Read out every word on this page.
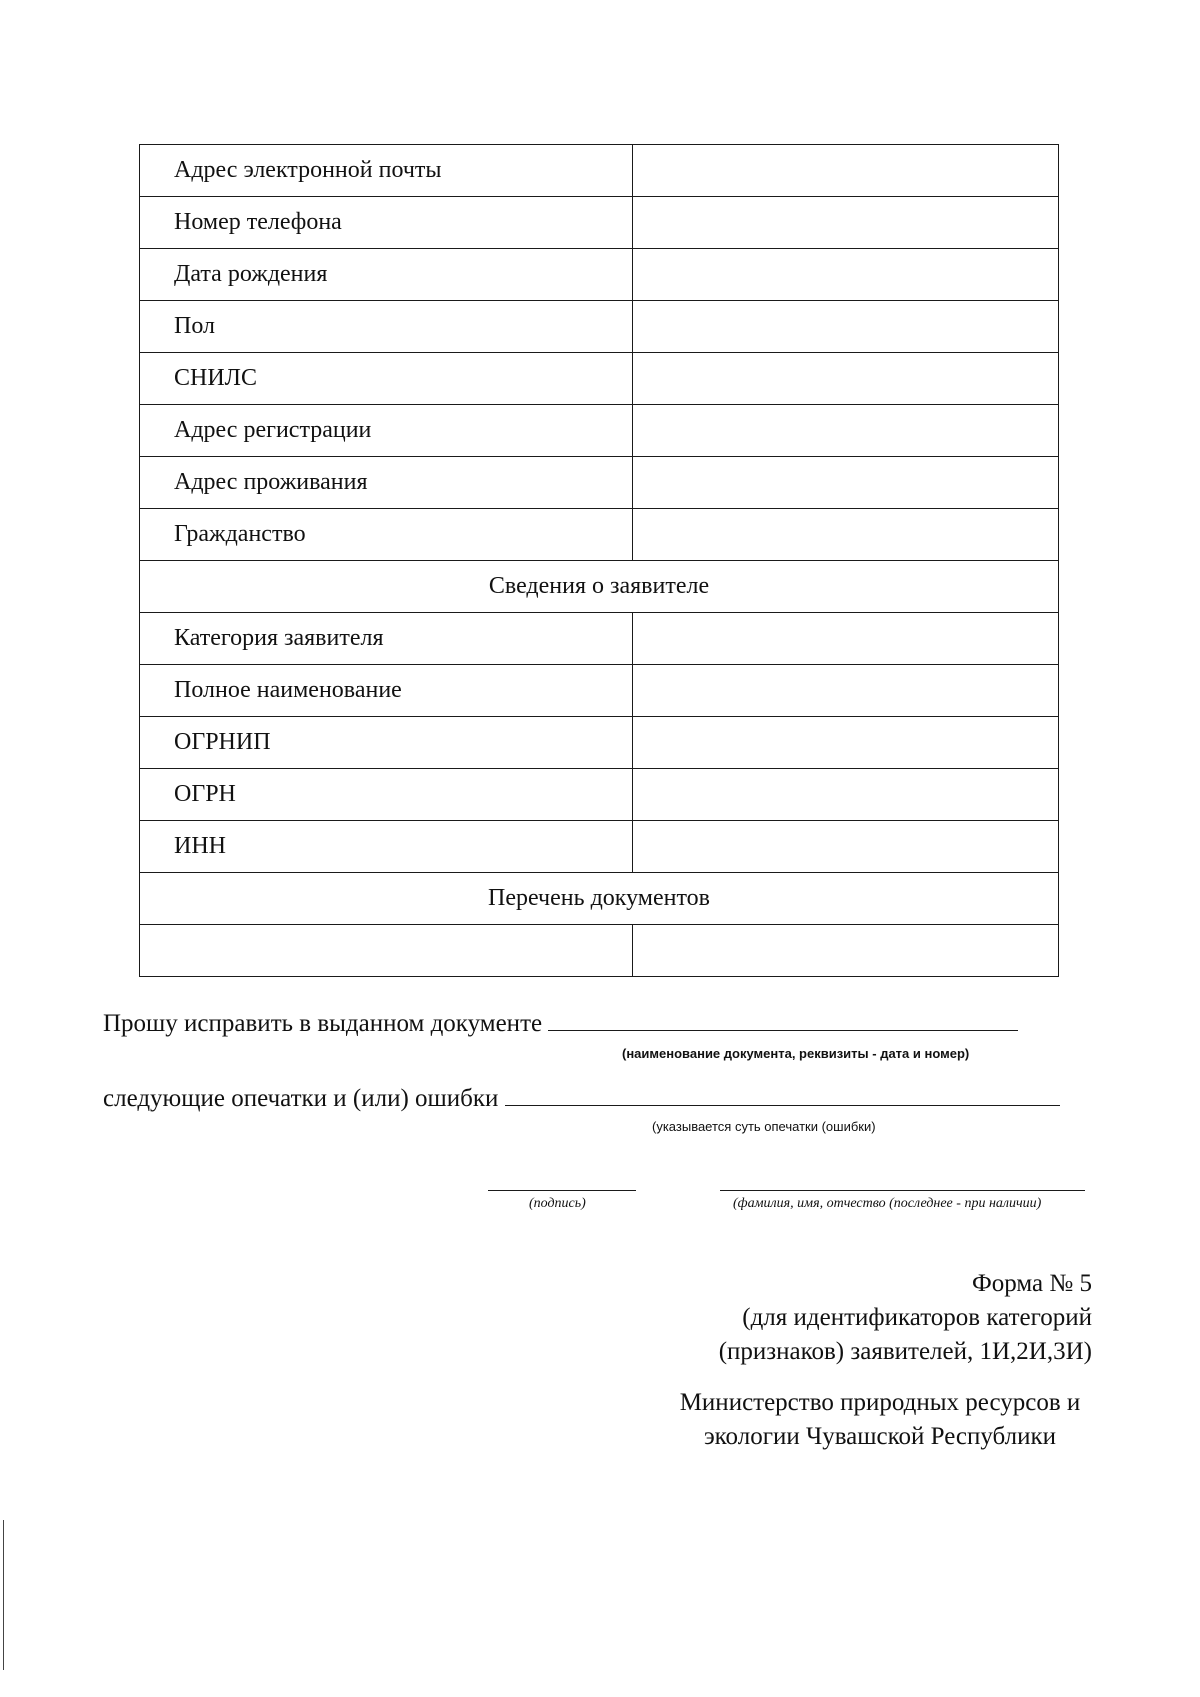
Адрес электронной почты	
Номер телефона	
Дата рождения	
Пол	
СНИЛС	
Адрес регистрации	
Адрес проживания	
Гражданство	
Сведения о заявителе	
Категория заявителя	
Полное наименование	
ОГРНИП	
ОГРН	
ИНН	
Перечень документов	

Прошу исправить в выданном документе
(наименование документа, реквизиты - дата и номер)
следующие опечатки и (или) ошибки
(указывается суть опечатки (ошибки)
(подпись)	(фамилия, имя, отчество (последнее - при наличии)
Форма № 5
(для идентификаторов категорий
(признаков) заявителей, 1И,2И,3И)
Министерство природных ресурсов и
экологии Чувашской Республики
